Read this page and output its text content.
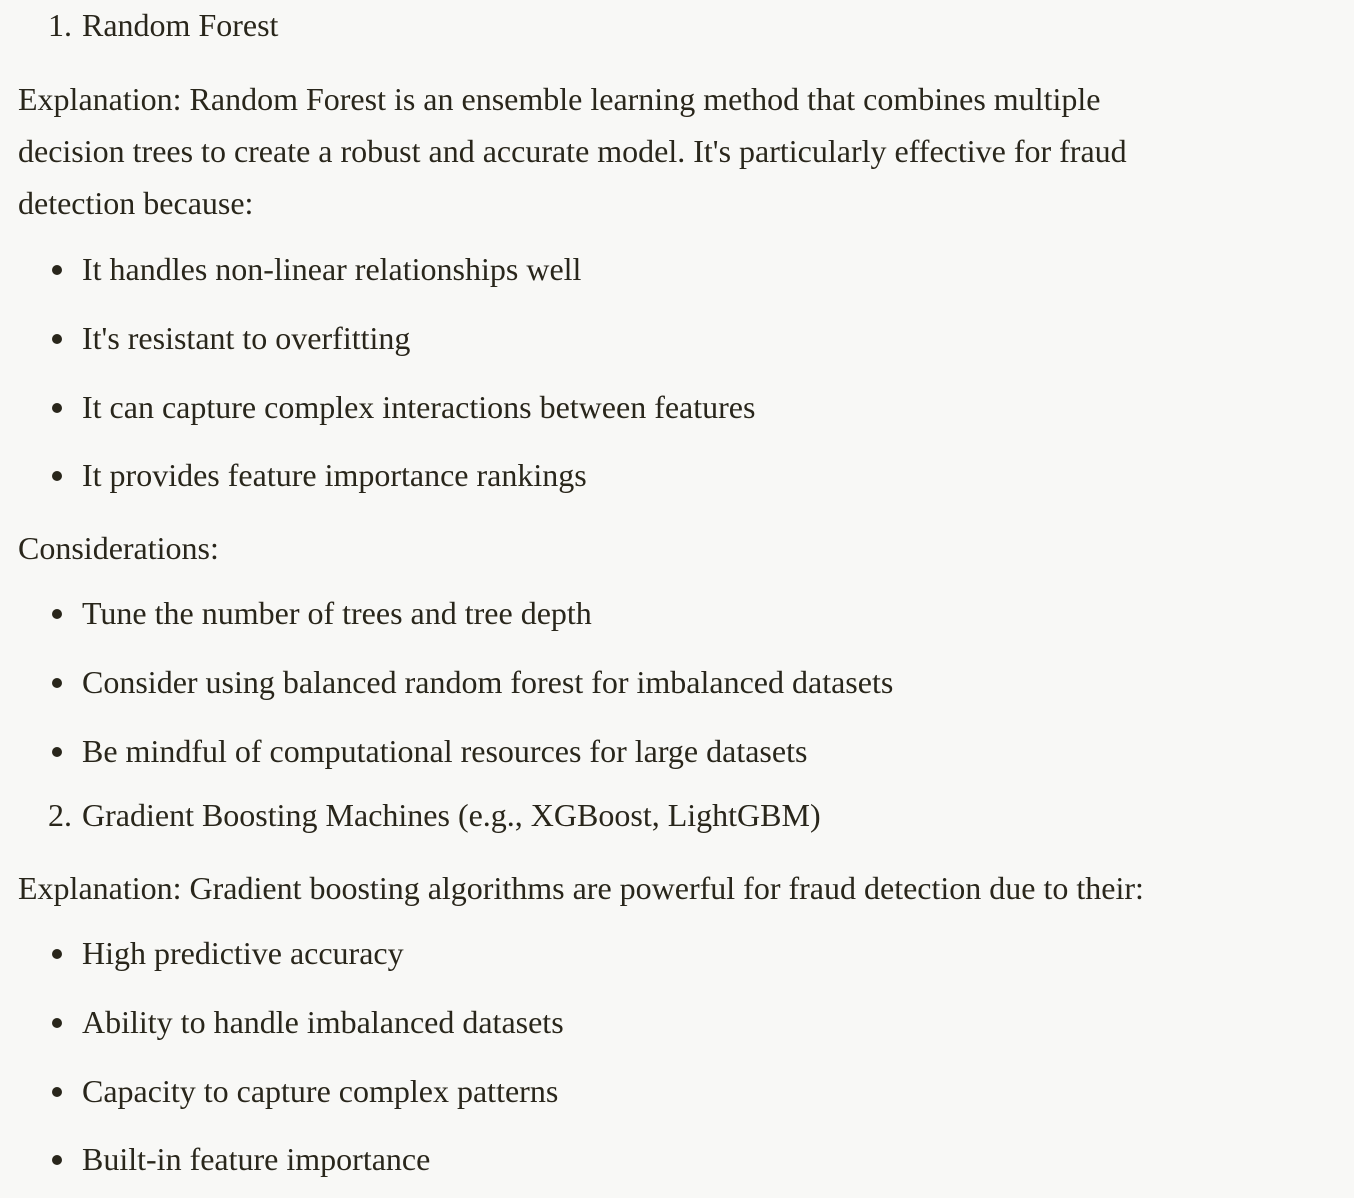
1. Random Forest
Explanation: Random Forest is an ensemble learning method that combines multiple
decision trees to create a robust and accurate model. It's particularly effective for fraud
detection because:
It handles non-linear relationships well
It's resistant to overfitting
It can capture complex interactions between features
It provides feature importance rankings
Considerations:
Tune the number of trees and tree depth
Consider using balanced random forest for imbalanced datasets
Be mindful of computational resources for large datasets
2. Gradient Boosting Machines (e.g., XGBoost, LightGBM)
Explanation: Gradient boosting algorithms are powerful for fraud detection due to their:
High predictive accuracy
Ability to handle imbalanced datasets
Capacity to capture complex patterns
Built-in feature importance
